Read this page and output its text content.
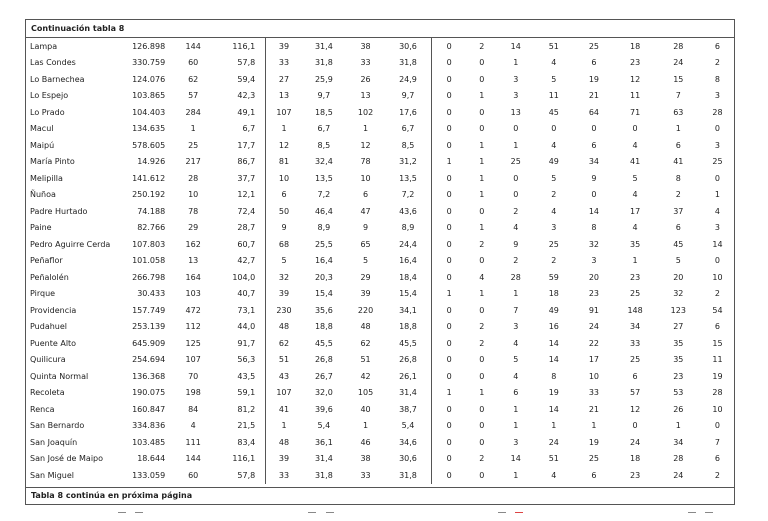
Continuación tabla 8
Lampa	126.898	144	116,1	39	31,4	38	30,6	0	2	14	51	25	18	28	6
Las Condes	330.759	60	57,8	33	31,8	33	31,8	0	0	1	4	6	23	24	2
Lo Barnechea	124.076	62	59,4	27	25,9	26	24,9	0	0	3	5	19	12	15	8
Lo Espejo	103.865	57	42,3	13	9,7	13	9,7	0	1	3	11	21	11	7	3
Lo Prado	104.403	284	49,1	107	18,5	102	17,6	0	0	13	45	64	71	63	28
Macul	134.635	1	6,7	1	6,7	1	6,7	0	0	0	0	0	0	1	0
Maipú	578.605	25	17,7	12	8,5	12	8,5	0	1	1	4	6	4	6	3
María Pinto	14.926	217	86,7	81	32,4	78	31,2	1	1	25	49	34	41	41	25
Melipilla	141.612	28	37,7	10	13,5	10	13,5	0	1	0	5	9	5	8	0
Ñuñoa	250.192	10	12,1	6	7,2	6	7,2	0	1	0	2	0	4	2	1
Padre Hurtado	74.188	78	72,4	50	46,4	47	43,6	0	0	2	4	14	17	37	4
Paine	82.766	29	28,7	9	8,9	9	8,9	0	1	4	3	8	4	6	3
Pedro Aguirre Cerda	107.803	162	60,7	68	25,5	65	24,4	0	2	9	25	32	35	45	14
Peñaflor	101.058	13	42,7	5	16,4	5	16,4	0	0	2	2	3	1	5	0
Peñalolén	266.798	164	104,0	32	20,3	29	18,4	0	4	28	59	20	23	20	10
Pirque	30.433	103	40,7	39	15,4	39	15,4	1	1	1	18	23	25	32	2
Providencia	157.749	472	73,1	230	35,6	220	34,1	0	0	7	49	91	148	123	54
Pudahuel	253.139	112	44,0	48	18,8	48	18,8	0	2	3	16	24	34	27	6
Puente Alto	645.909	125	91,7	62	45,5	62	45,5	0	2	4	14	22	33	35	15
Quilicura	254.694	107	56,3	51	26,8	51	26,8	0	0	5	14	17	25	35	11
Quinta Normal	136.368	70	43,5	43	26,7	42	26,1	0	0	4	8	10	6	23	19
Recoleta	190.075	198	59,1	107	32,0	105	31,4	1	1	6	19	33	57	53	28
Renca	160.847	84	81,2	41	39,6	40	38,7	0	0	1	14	21	12	26	10
San Bernardo	334.836	4	21,5	1	5,4	1	5,4	0	0	1	1	1	0	1	0
San Joaquín	103.485	111	83,4	48	36,1	46	34,6	0	0	3	24	19	24	34	7
San José de Maipo	18.644	144	116,1	39	31,4	38	30,6	0	2	14	51	25	18	28	6
San Miguel	133.059	60	57,8	33	31,8	33	31,8	0	0	1	4	6	23	24	2
Tabla 8 continúa en próxima página
